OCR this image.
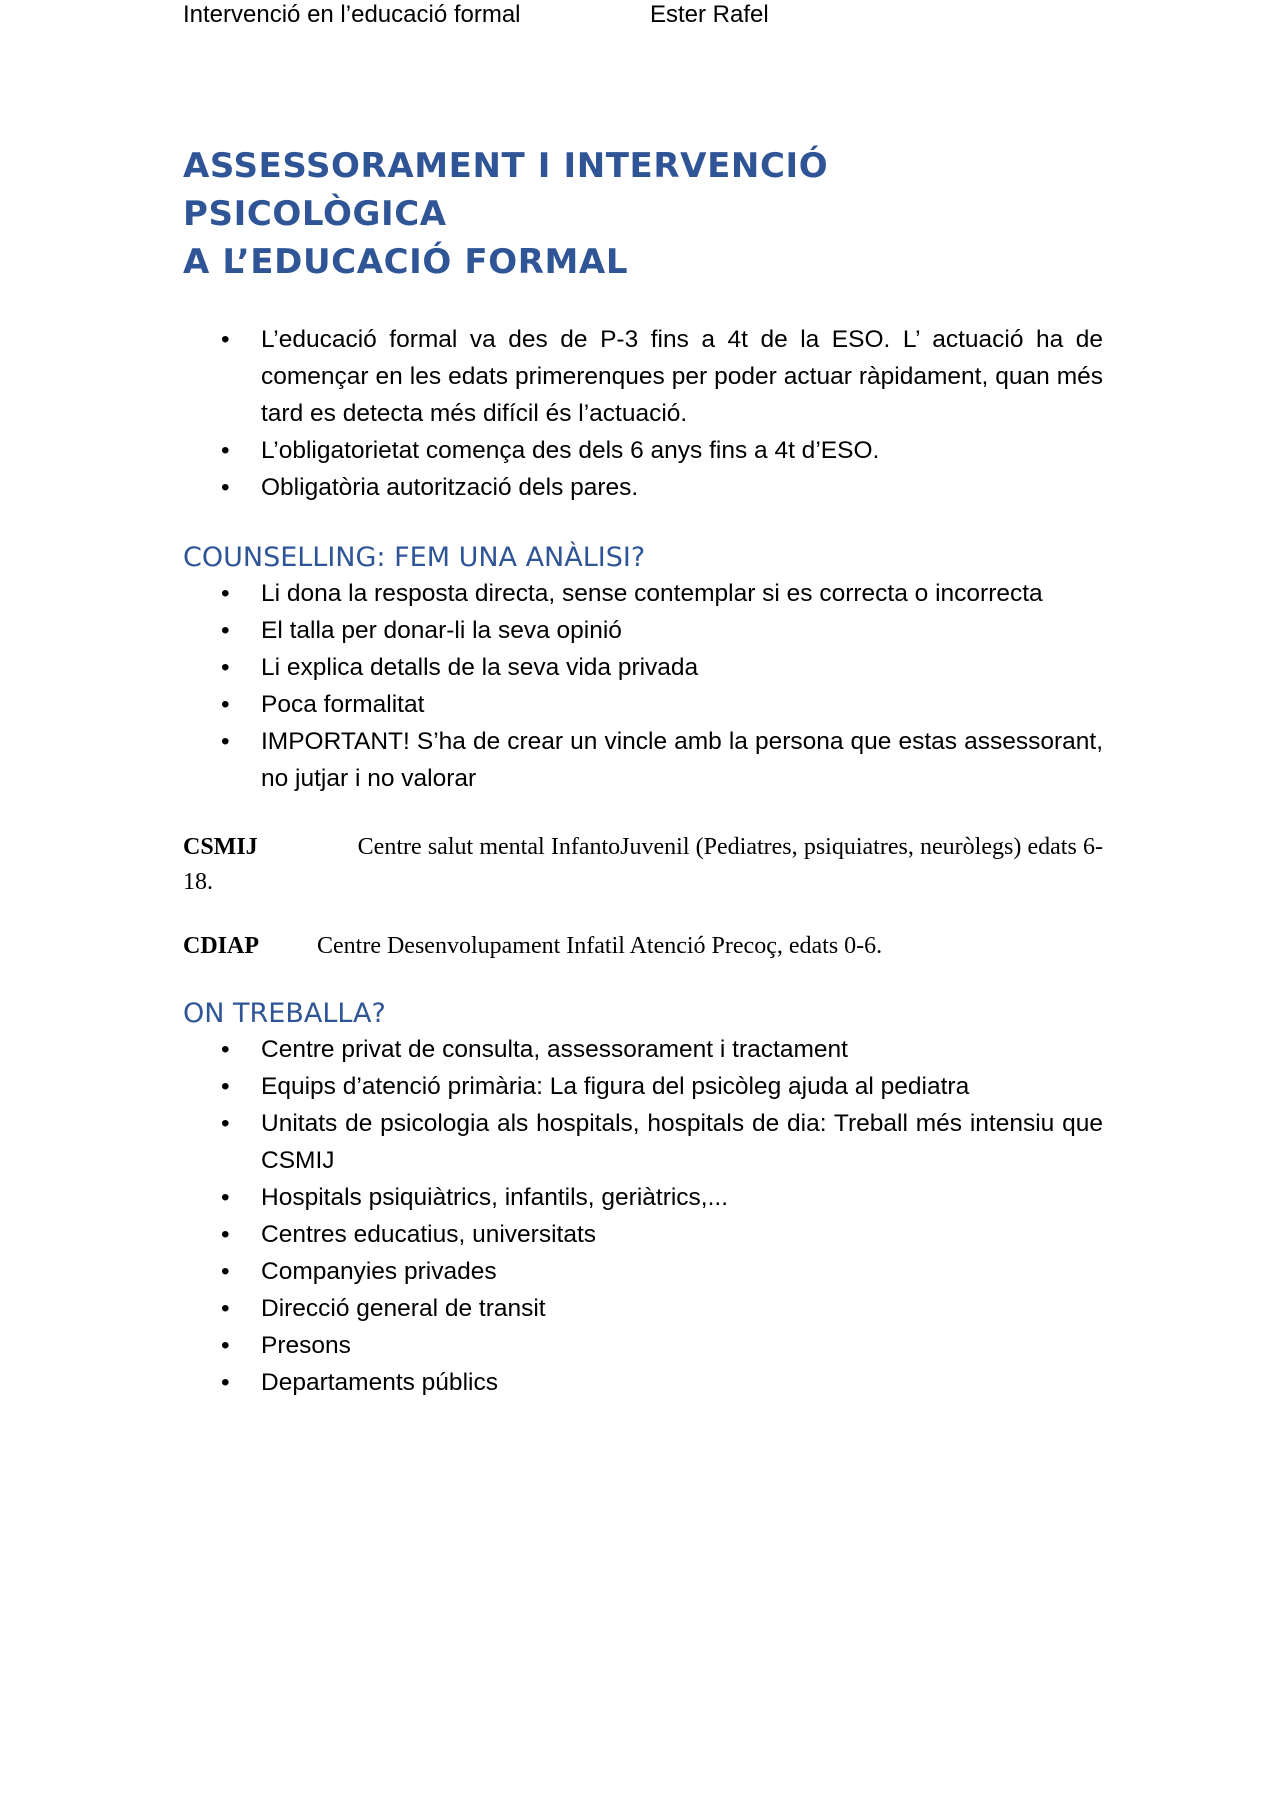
Intervenció en l’educació formal	Ester Rafel
ASSESSORAMENT I INTERVENCIÓ PSICOLÒGICA
A L’EDUCACIÓ FORMAL
• L’educació formal va des de P-3 fins a 4t de la ESO. L’ actuació ha de començar en les edats primerenques per poder actuar ràpidament, quan més tard es detecta més difícil és l’actuació.
• L’obligatorietat comença des dels 6 anys fins a 4t d’ESO.
• Obligatòria autorització dels pares.
COUNSELLING: FEM UNA ANÀLISI?
• Li dona la resposta directa, sense contemplar si es correcta o incorrecta
• El talla per donar-li la seva opinió
• Li explica detalls de la seva vida privada
• Poca formalitat
• IMPORTANT! S’ha de crear un vincle amb la persona que estas assessorant, no jutjar i no valorar

CSMIJ	Centre salut mental InfantoJuvenil (Pediatres, psiquiatres, neuròlegs) edats 6-18.

CDIAP Centre Desenvolupament Infatil Atenció Precoç, edats 0-6.

ON TREBALLA?
• Centre privat de consulta, assessorament i tractament
• Equips d’atenció primària: La figura del psicòleg ajuda al pediatra
• Unitats de psicologia als hospitals, hospitals de dia: Treball més intensiu que CSMIJ
• Hospitals psiquiàtrics, infantils, geriàtrics,...
• Centres educatius, universitats
• Companyies privades
• Direcció general de transit
• Presons
• Departaments públics
